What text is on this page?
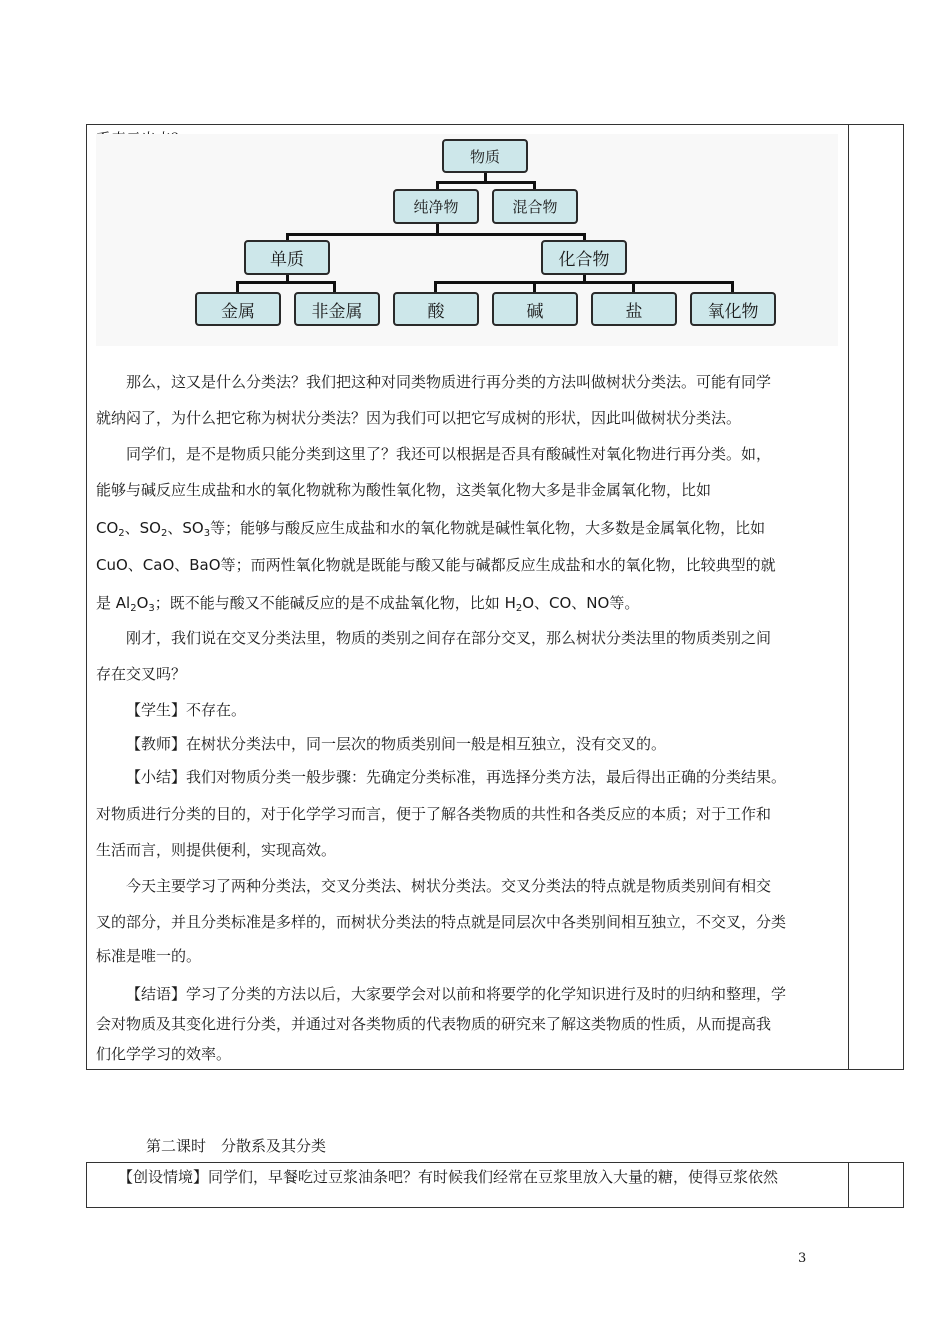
物质
纯净物	混合物
单质	化合物
金属	非金属	酸	碱	盐	氧化物
那么，这又是什么分类法？我们把这种对同类物质进行再分类的方法叫做树状分类法。可能有同学
就纳闷了，为什么把它称为树状分类法？因为我们可以把它写成树的形状，因此叫做树状分类法。
同学们，是不是物质只能分类到这里了？我还可以根据是否具有酸碱性对氧化物进行再分类。如，
能够与碱反应生成盐和水的氧化物就称为酸性氧化物，这类氧化物大多是非金属氧化物，比如
$CO_2$、$SO_2$、$SO_3$等；能够与酸反应生成盐和水的氧化物就是碱性氧化物，大多数是金属氧化物，比如
CuO、CaO、BaO等；而两性氧化物就是既能与酸又能与碱都反应生成盐和水的氧化物，比较典型的就
是 $Al_2O_3$；既不能与酸又不能碱反应的是不成盐氧化物，比如 $H_2O$、CO、NO等。
刚才，我们说在交叉分类法里，物质的类别之间存在部分交叉，那么树状分类法里的物质类别之间
存在交叉吗？
【学生】不存在。
【教师】在树状分类法中，同一层次的物质类别间一般是相互独立，没有交叉的。
【小结】我们对物质分类一般步骤：先确定分类标准，再选择分类方法，最后得出正确的分类结果。
对物质进行分类的目的，对于化学学习而言，便于了解各类物质的共性和各类反应的本质；对于工作和
生活而言，则提供便利，实现高效。
今天主要学习了两种分类法，交叉分类法、树状分类法。交叉分类法的特点就是物质类别间有相交
叉的部分，并且分类标准是多样的，而树状分类法的特点就是同层次中各类别间相互独立，不交叉，分类
标准是唯一的。
【结语】学习了分类的方法以后，大家要学会对以前和将要学的化学知识进行及时的归纳和整理，学
会对物质及其变化进行分类，并通过对各类物质的代表物质的研究来了解这类物质的性质，从而提高我
们化学学习的效率。
第二课时　分散系及其分类
【创设情境】同学们，早餐吃过豆浆油条吧？有时候我们经常在豆浆里放入大量的糖，使得豆浆依然
3
